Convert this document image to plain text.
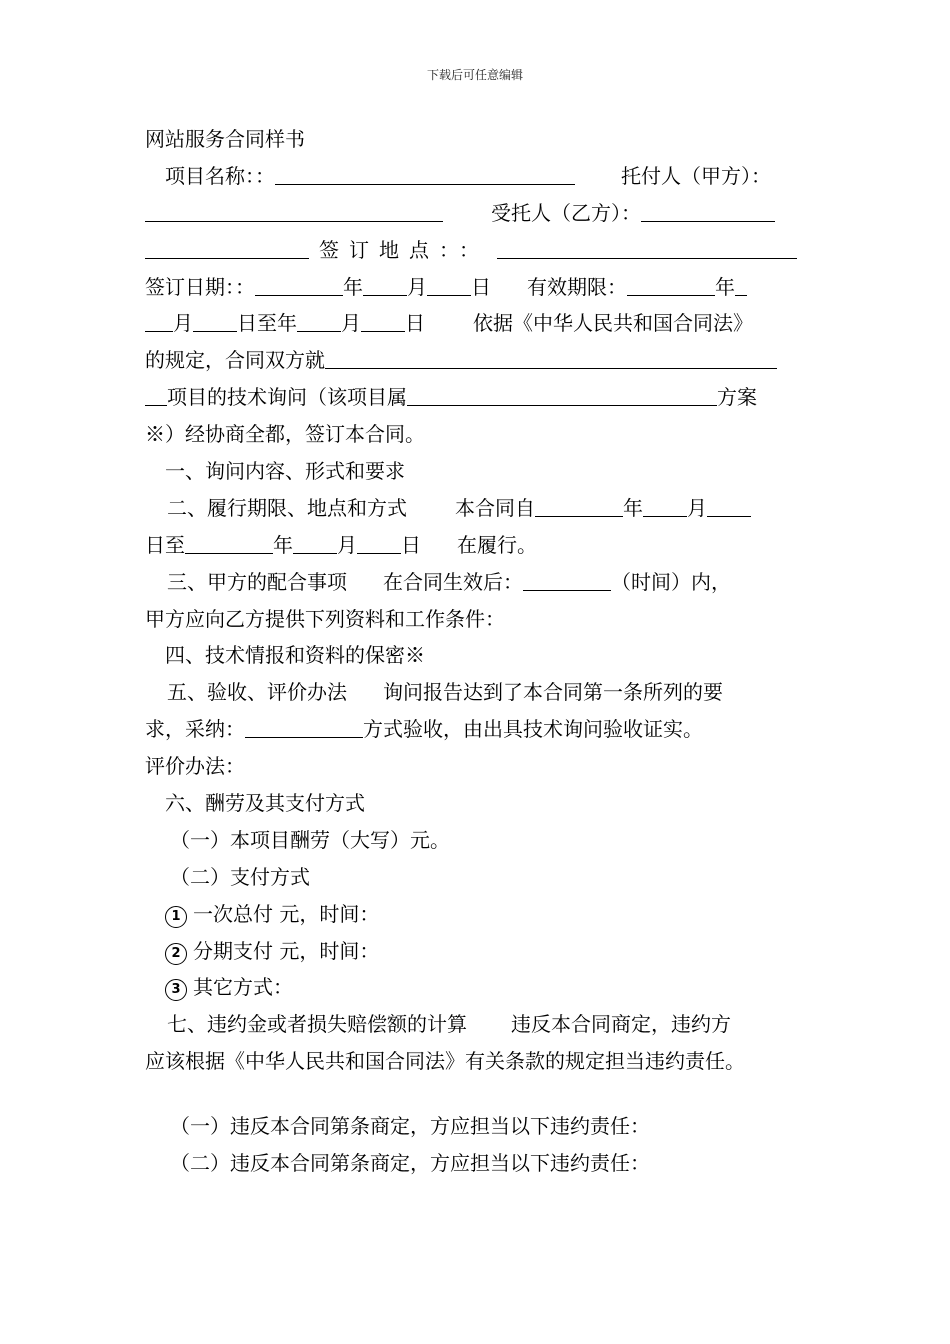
下载后可任意编辑
网站服务合同样书
项目名称：：	托付人（甲方）：
受托人（乙方）：
签订地点：：
签订日期：：	年 月 日 有效期限：	年
月 日至年 月 日 依据《中华人民共和国合同法》
的规定，合同双方就
项目的技术询问（该项目属	方案
※）经协商全都，签订本合同。
一、询问内容、形式和要求
二、履行期限、地点和方式 本合同自	年 月
日至	年 月 日 在履行。
三、甲方的配合事项 在合同生效后：	（时间）内，
甲方应向乙方提供下列资料和工作条件：
四、技术情报和资料的保密※
五、验收、评价办法 询问报告达到了本合同第一条所列的要
求，采纳：	方式验收，由出具技术询问验收证实。
评价办法：
六、酬劳及其支付方式
（一）本项目酬劳（大写）元。
（二）支付方式
1 一次总付 元，时间：
2 分期支付 元，时间：
3 其它方式：
七、违约金或者损失赔偿额的计算 违反本合同商定，违约方
应该根据《中华人民共和国合同法》有关条款的规定担当违约责任。
（一）违反本合同第条商定，方应担当以下违约责任：
（二）违反本合同第条商定，方应担当以下违约责任：
